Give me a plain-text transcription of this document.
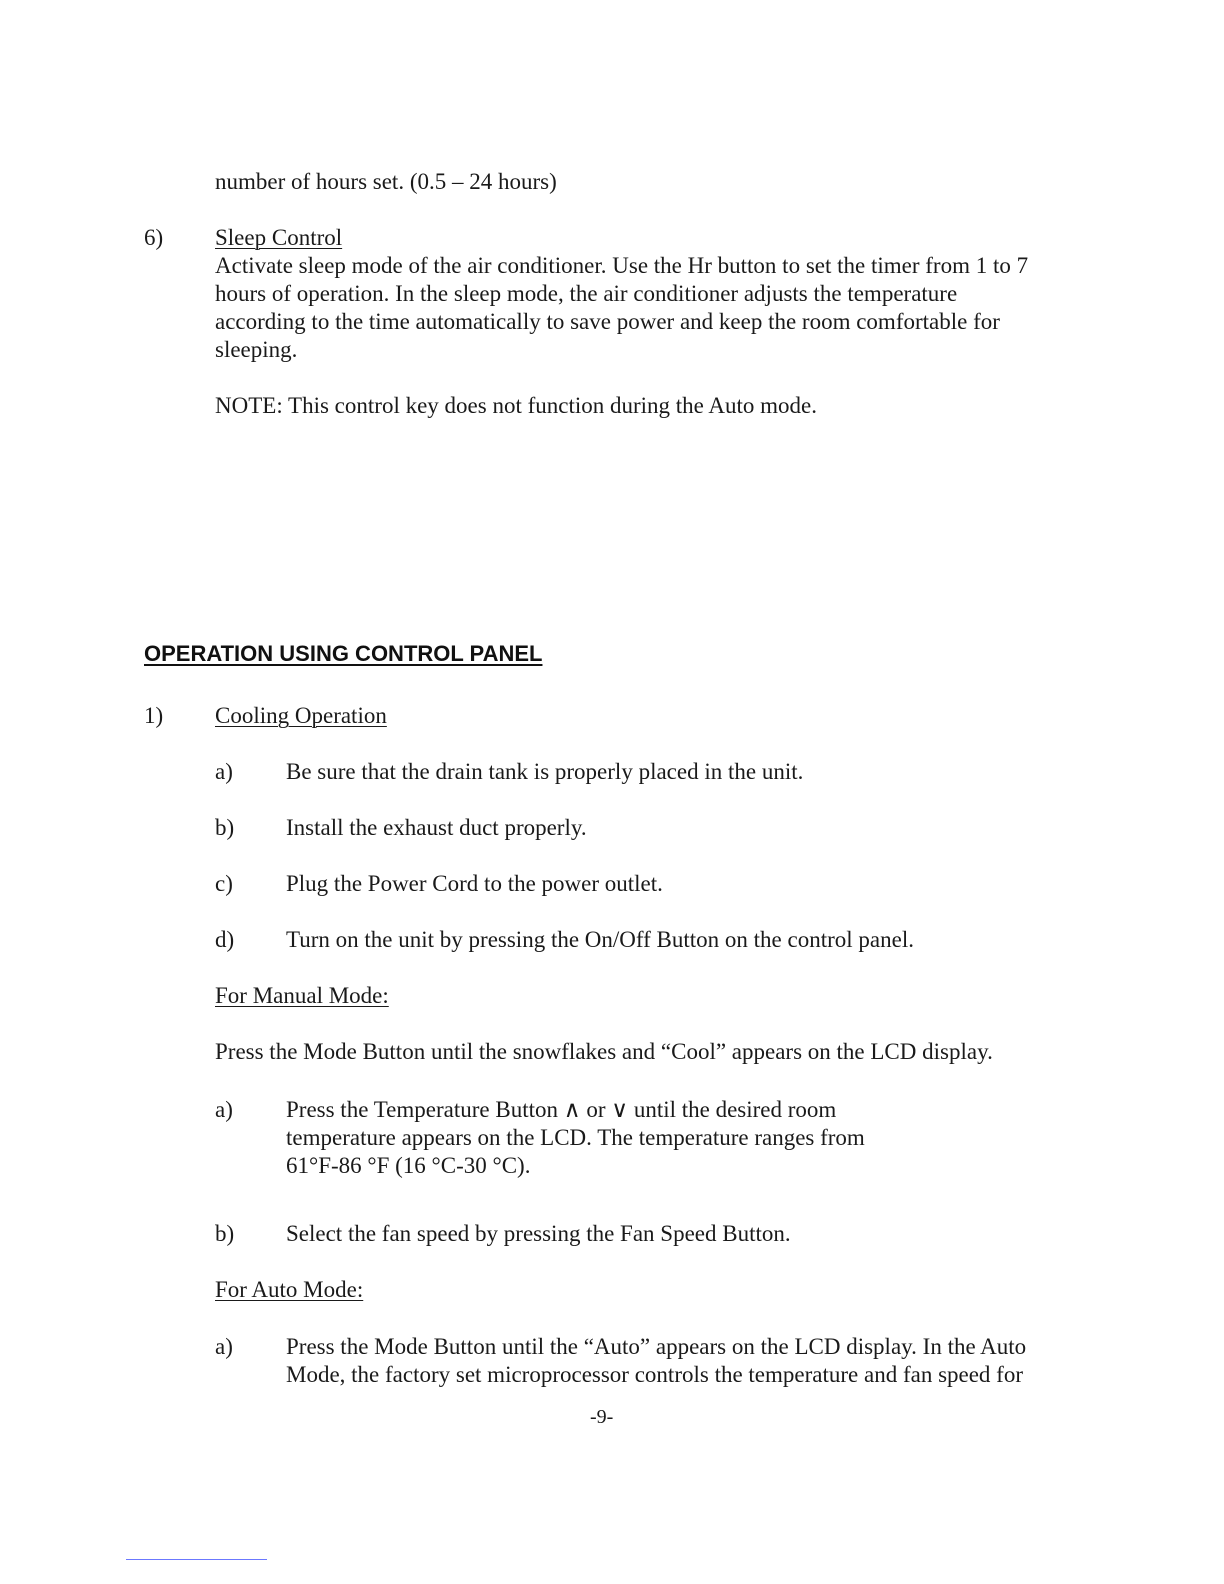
number of hours set. (0.5 – 24 hours)
6) Sleep Control
Activate sleep mode of the air conditioner. Use the Hr button to set the timer from 1 to 7
hours of operation. In the sleep mode, the air conditioner adjusts the temperature
according to the time automatically to save power and keep the room comfortable for
sleeping.
NOTE: This control key does not function during the Auto mode.
OPERATION USING CONTROL PANEL
1) Cooling Operation
a) Be sure that the drain tank is properly placed in the unit.
b) Install the exhaust duct properly.
c) Plug the Power Cord to the power outlet.
d) Turn on the unit by pressing the On/Off Button on the control panel.
For Manual Mode:
Press the Mode Button until the snowflakes and “Cool” appears on the LCD display.
a) Press the Temperature Button ∧ or ∨ until the desired room
temperature appears on the LCD. The temperature ranges from
61°F-86 °F (16 °C-30 °C).
b) Select the fan speed by pressing the Fan Speed Button.
For Auto Mode:
a) Press the Mode Button until the “Auto” appears on the LCD display. In the Auto
Mode, the factory set microprocessor controls the temperature and fan speed for
-9-
